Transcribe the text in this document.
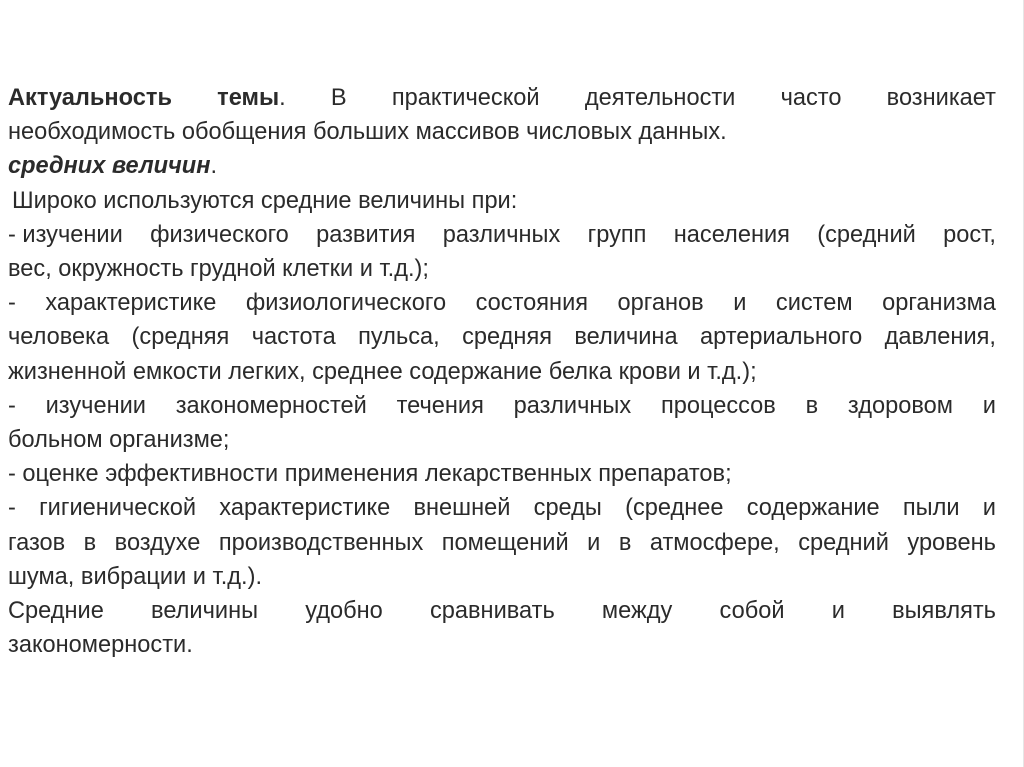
Актуальность темы. В практической деятельности часто возникает
необходимость обобщения больших массивов числовых данных.
средних величин.
Широко используются средние величины при:
- изучении физического развития различных групп населения (средний рост,
вес, окружность грудной клетки и т.д.);
- характеристике физиологического состояния органов и систем организма
человека (средняя частота пульса, средняя величина артериального давления,
жизненной емкости легких, среднее содержание белка крови и т.д.);
- изучении закономерностей течения различных процессов в здоровом и
больном организме;
- оценке эффективности применения лекарственных препаратов;
- гигиенической характеристике внешней среды (среднее содержание пыли и
газов в воздухе производственных помещений и в атмосфере, средний уровень
шума, вибрации и т.д.).
Средние величины удобно сравнивать между собой и выявлять
закономерности.
